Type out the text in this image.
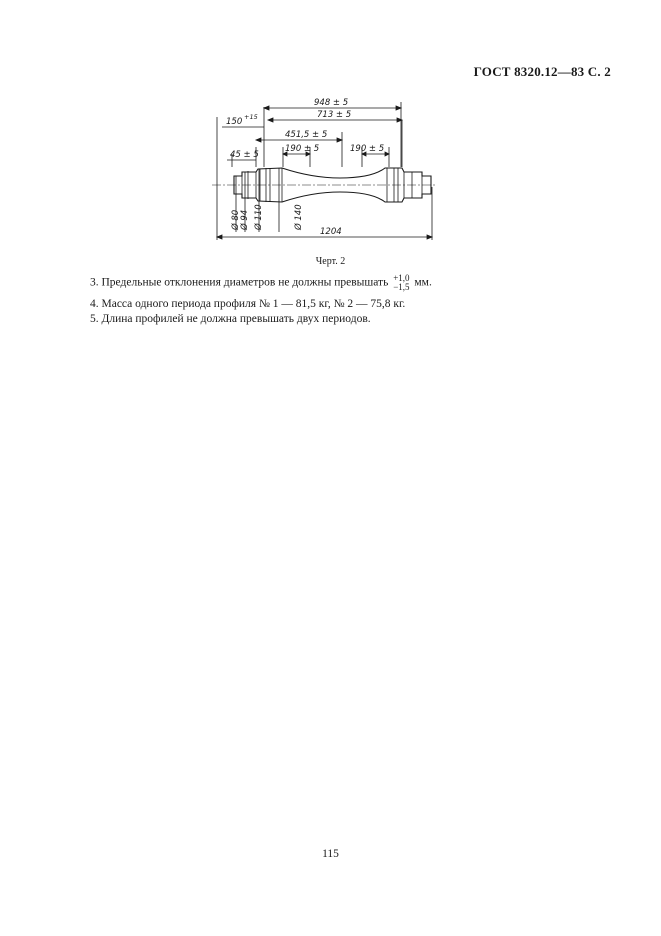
ГОСТ 8320.12—83 С. 2
948 ± 5
713 ± 5
150 +15
451,5 ± 5
45 ± 5
190 ± 5	190 ± 5
1204
Ø 80 Ø 94 Ø 110	Ø 140
Черт. 2
3. Предельные отклонения диаметров не должны превышать +1,0
−1,5 мм.
4. Масса одного периода профиля № 1 — 81,5 кг, № 2 — 75,8 кг.
5. Длина профилей не должна превышать двух периодов.
115
